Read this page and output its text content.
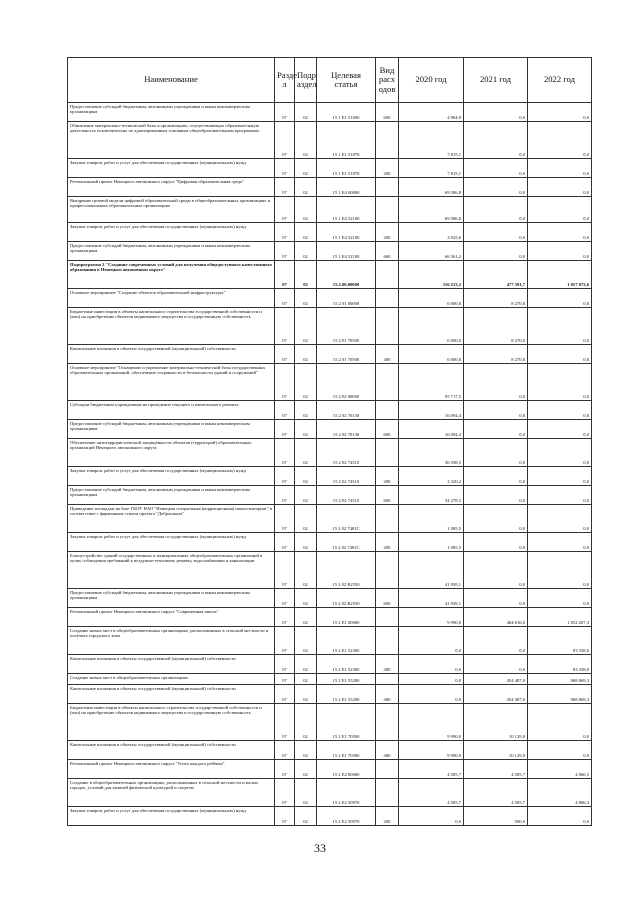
Наименование	Разде л	Подр аздел	Целевая статья	Вид расх одов	2020 год	2021 год	2022 год
Предоставление субсидий бюджетным, автономным учреждениям и иным некоммерческим организациям	07	02	15 1 Е1 51690	600	4 964,9	0,0	0,0
Обновление материально-технической базы в организациях, осуществляющих образовательную деятельность исключительно по адаптированным основным общеобразовательным программам	07	02	15 1 Е1 51870		7 815,1	0,0	0,0
Закупка товаров, работ и услуг для обеспечения государственных (муниципальных) нужд	07	02	15 1 Е1 51870	200	7 815,1	0,0	0,0
Региональный проект Ненецкого автономного округа "Цифровая образовательная среда"	07	02	15 1 Е4 00000		69 586,8	0,0	0,0
Внедрение целевой модели цифровой образовательной среды в общеобразовательных организациях и профессиональных образовательных организациях	07	02	15 1 Е4 52100		69 586,8	0,0	0,0
Закупка товаров, работ и услуг для обеспечения государственных (муниципальных) нужд	07	02	15 1 Е4 52100	200	3 025,6	0,0	0,0
Предоставление субсидий бюджетным, автономным учреждениям и иным некоммерческим организациям	07	02	15 1 Е4 52100	600	66 561,2	0,0	0,0
Подпрограмма 2 "Создание современных условий для получения общедоступного качественного образования в Ненецком автономном округе"	07	02	15.2.00.00000		116 213,2	477 391,7	1 057 073,6
Основное мероприятие "Создание объектов образовательной инфраструктуры"	07	02	15 2 01 00000		6 000,0	8 270,0	0,0
Бюджетные инвестиции в объекты капитального строительства государственной собственности и (или) на приобретение объектов недвижимого имущества в государственную собственность	07	02	15 2 01 70500		6 000,0	8 270,0	0,0
Капитальные вложения в объекты государственной (муниципальной) собственности	07	02	15 2 01 70500	400	6 000,0	8 270,0	0,0
Основное мероприятие "Оснащение и укрепление материально-технической базы государственных образовательных организаций, обеспечение сохранности и безопасности зданий и сооружений"	07	02	15 2 02 00000		95 717,5	0,0	0,0
Субсидии бюджетным учреждениям на проведение текущего и капитального ремонта	07	02	15 2 02 70130		16 094,4	0,0	0,0
Предоставление субсидий бюджетным, автономным учреждениям и иным некоммерческим организациям	07	02	15 2 02 70130	600	16 094,4	0,0	0,0
Обеспечение антитеррористической защищённости объектов (территорий) образовательных организаций Ненецкого автономного округа	07	02	15 2 02 74510		36 598,5	0,0	0,0
Закупка товаров, работ и услуг для обеспечения государственных (муниципальных) нужд	07	02	15 2 02 74510	200	2 320,2	0,0	0,0
Предоставление субсидий бюджетным, автономным учреждениям и иным некоммерческим организациям	07	02	15 2 02 74510	600	34 278,3	0,0	0,0
Приведение площадки на базе ГКОУ НАО "Ненецкая специальная (коррекционная) школа-интернат" в соответствие с фирменным стилем проекта "Доброшкола"	07	02	15 2 02 7481С		1 085,5	0,0	0,0
Закупка товаров, работ и услуг для обеспечения государственных (муниципальных) нужд	07	02	15 2 02 7481С	200	1 085,5	0,0	0,0
Благоустройство зданий государственных и муниципальных общеобразовательных организаций в целях соблюдения требований к воздушно-тепловому режиму, водоснабжению и канализации	07	02	15 2 02 R2550		41 939,1	0,0	0,0
Предоставление субсидий бюджетным, автономным учреждениям и иным некоммерческим организациям	07	02	15 2 02 R2550	600	41 939,1	0,0	0,0
Региональный проект Ненецкого автономного округа "Современная школа"	07	02	15 2 Е1 00000		9 990,0	464 616,0	1 052 207,3
Создание новых мест в общеобразовательных организациях, расположенных в сельской местности и посёлках городского типа	07	02	15 2 Е1 52300		0,0	0,0	83 338,0
Капитальные вложения в объекты государственной (муниципальной) собственности	07	02	15 2 Е1 52300	400	0,0	0,0	83 338,0
Создание новых мест в общеобразовательных организациях	07	02	15 2 Е1 55200		0,0	454 487,0	968 869,3
Капитальные вложения в объекты государственной (муниципальной) собственности	07	02	15 2 Е1 55200	400	0,0	454 487,0	968 869,3
Бюджетные инвестиции в объекты капитального строительства государственной собственности и (или) на приобретение объектов недвижимого имущества в государственную собственность	07	02	15 2 Е1 70500		9 990,0	10 129,0	0,0
Капитальные вложения в объекты государственной (муниципальной) собственности	07	02	15 2 Е1 70500	400	9 990,0	10 129,0	0,0
Региональный проект Ненецкого автономного округа "Успех каждого ребёнка"	07	02	15 2 Е2 00000		4 505,7	4 505,7	4 866,3
Создание в общеобразовательных организациях, расположенных в сельской местности и малых городах, условий для занятий физической культурой и спортом	07	02	15 2 Е2 50970		4 505,7	4 505,7	4 866,3
Закупка товаров, работ и услуг для обеспечения государственных (муниципальных) нужд	07	02	15 2 Е2 50970	200	0,0	500,0	0,0
33
